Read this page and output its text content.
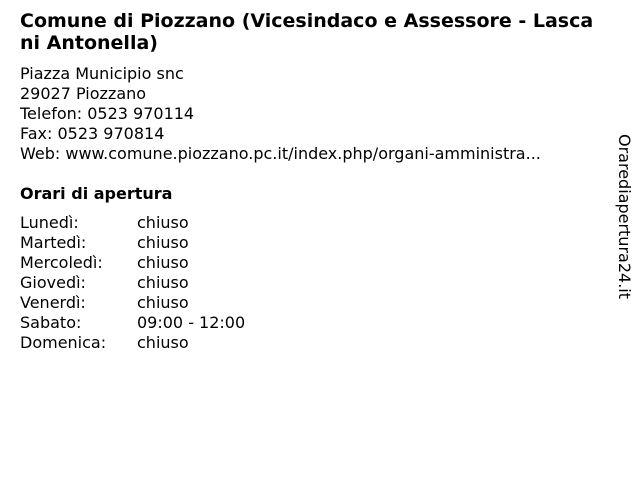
Comune di Piozzano (Vicesindaco e Assessore - Lascani Antonella)
Piazza Municipio snc
29027 Piozzano
Telefon: 0523 970114
Fax: 0523 970814
Web: www.comune.piozzano.pc.it/index.php/organi-amministra...
Orari di apertura
Lunedì:	chiuso
Martedì:	chiuso
Mercoledì:	chiuso
Giovedì:	chiuso
Venerdì:	chiuso
Sabato:	09:00 - 12:00
Domenica:	chiuso
Orarediapertura24.it
